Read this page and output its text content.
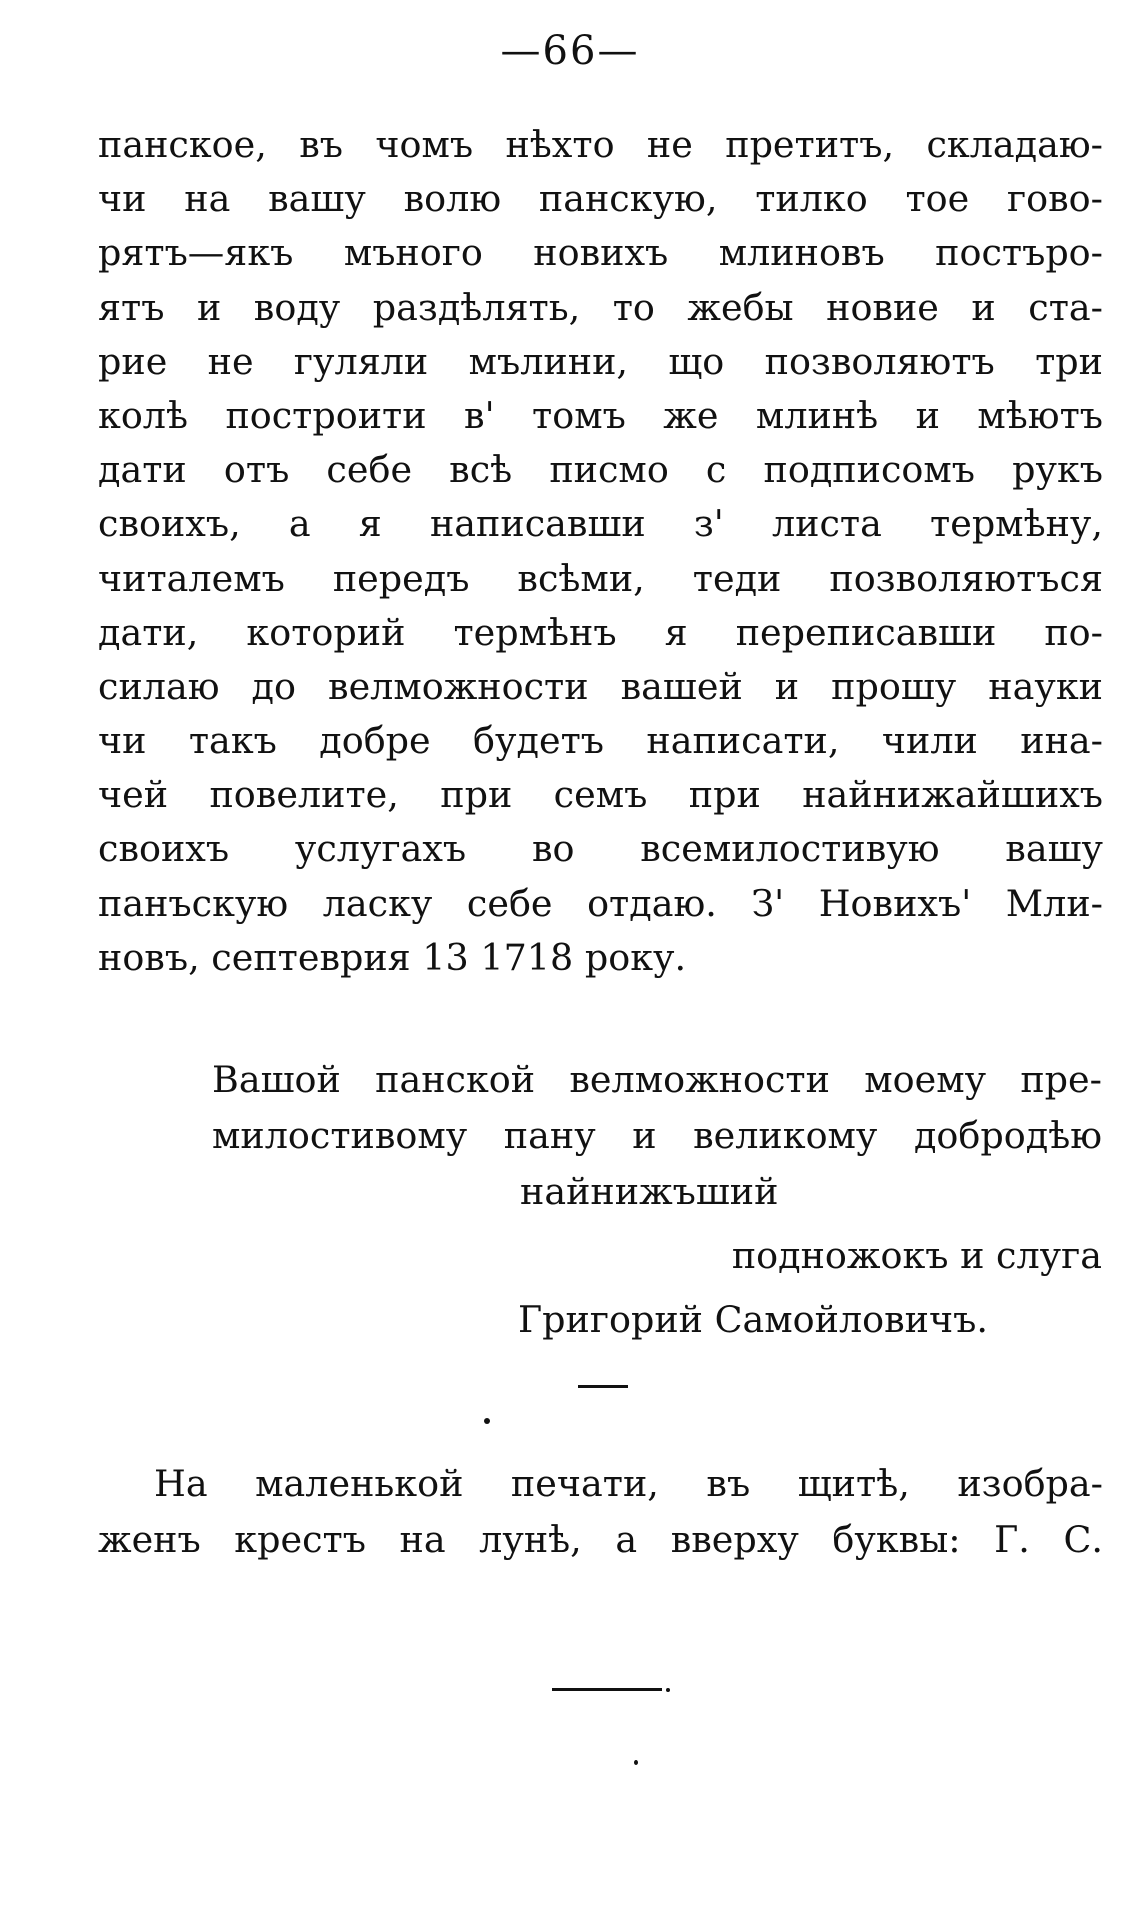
—66—
панское, въ чомъ нѣхто не претитъ, складаю-
чи на вашу волю панскую, тилко тое гово-
рятъ—якъ мъного новихъ млиновъ постъро-
ятъ и воду раздѣлять, то жебы новие и ста-
рие не гуляли мълини, що позволяютъ три
колѣ построити в' томъ же млинѣ и мѣютъ
дати отъ себе всѣ писмо с подписомъ рукъ
своихъ, а я написавши з' листа термѣну,
читалемъ передъ всѣми, теди позволяютъся
дати, которий термѣнъ я переписавши по-
силаю до велможности вашей и прошу науки
чи такъ добре будетъ написати, чили ина-
чей повелите, при семъ при найнижайшихъ
своихъ услугахъ во всемилостивую вашу
панъскую ласку себе отдаю. З' Новихъ' Мли-
новъ, септеврия 13 1718 року.
Вашой панской велможности моему пре-
милостивому пану и великому добродѣю
найнижъший
подножокъ и слуга
Григорий Самойловичъ.
На маленькой печати, въ щитѣ, изобра-
женъ крестъ на лунѣ, а вверху буквы: Г. С.
